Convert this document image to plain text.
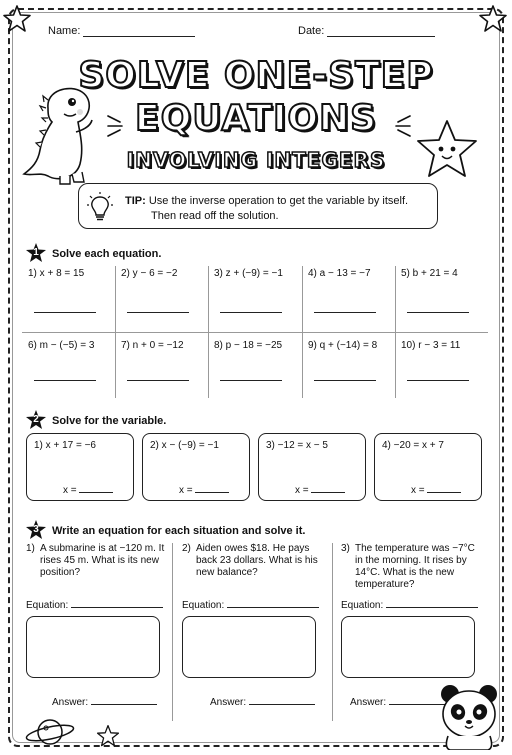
Name:	Date:
SOLVE ONE-STEP
EQUATIONS
INVOLVING INTEGERS
TIP: Use the inverse operation to get the variable by itself.
Then read off the solution.
1	Solve each equation.
1) x + 8 = 15	2) y − 6 = −2	3) z + (−9) = −1	4) a − 13 = −7	5) b + 21 = 4
6) m − (−5) = 3	7) n + 0 = −12	8) p − 18 = −25	9) q + (−14) = 8 10) r − 3 = 11
2	Solve for the variable.
1) x + 17 = −6
x =
2) x − (−9) = −1
x =
3) −12 = x − 5
x =
4) −20 = x + 7
x =
3	Write an equation for each situation and solve it.
1) A submarine is at −120 m. It rises 45 m. What is its new position?
Equation:
2) Aiden owes $18. He pays back 23 dollars. What is his new balance?
Equation:
3) The temperature was −7°C in the morning. It rises by 14°C. What is the new temperature?
Equation:
Answer:	Answer:	Answer:
